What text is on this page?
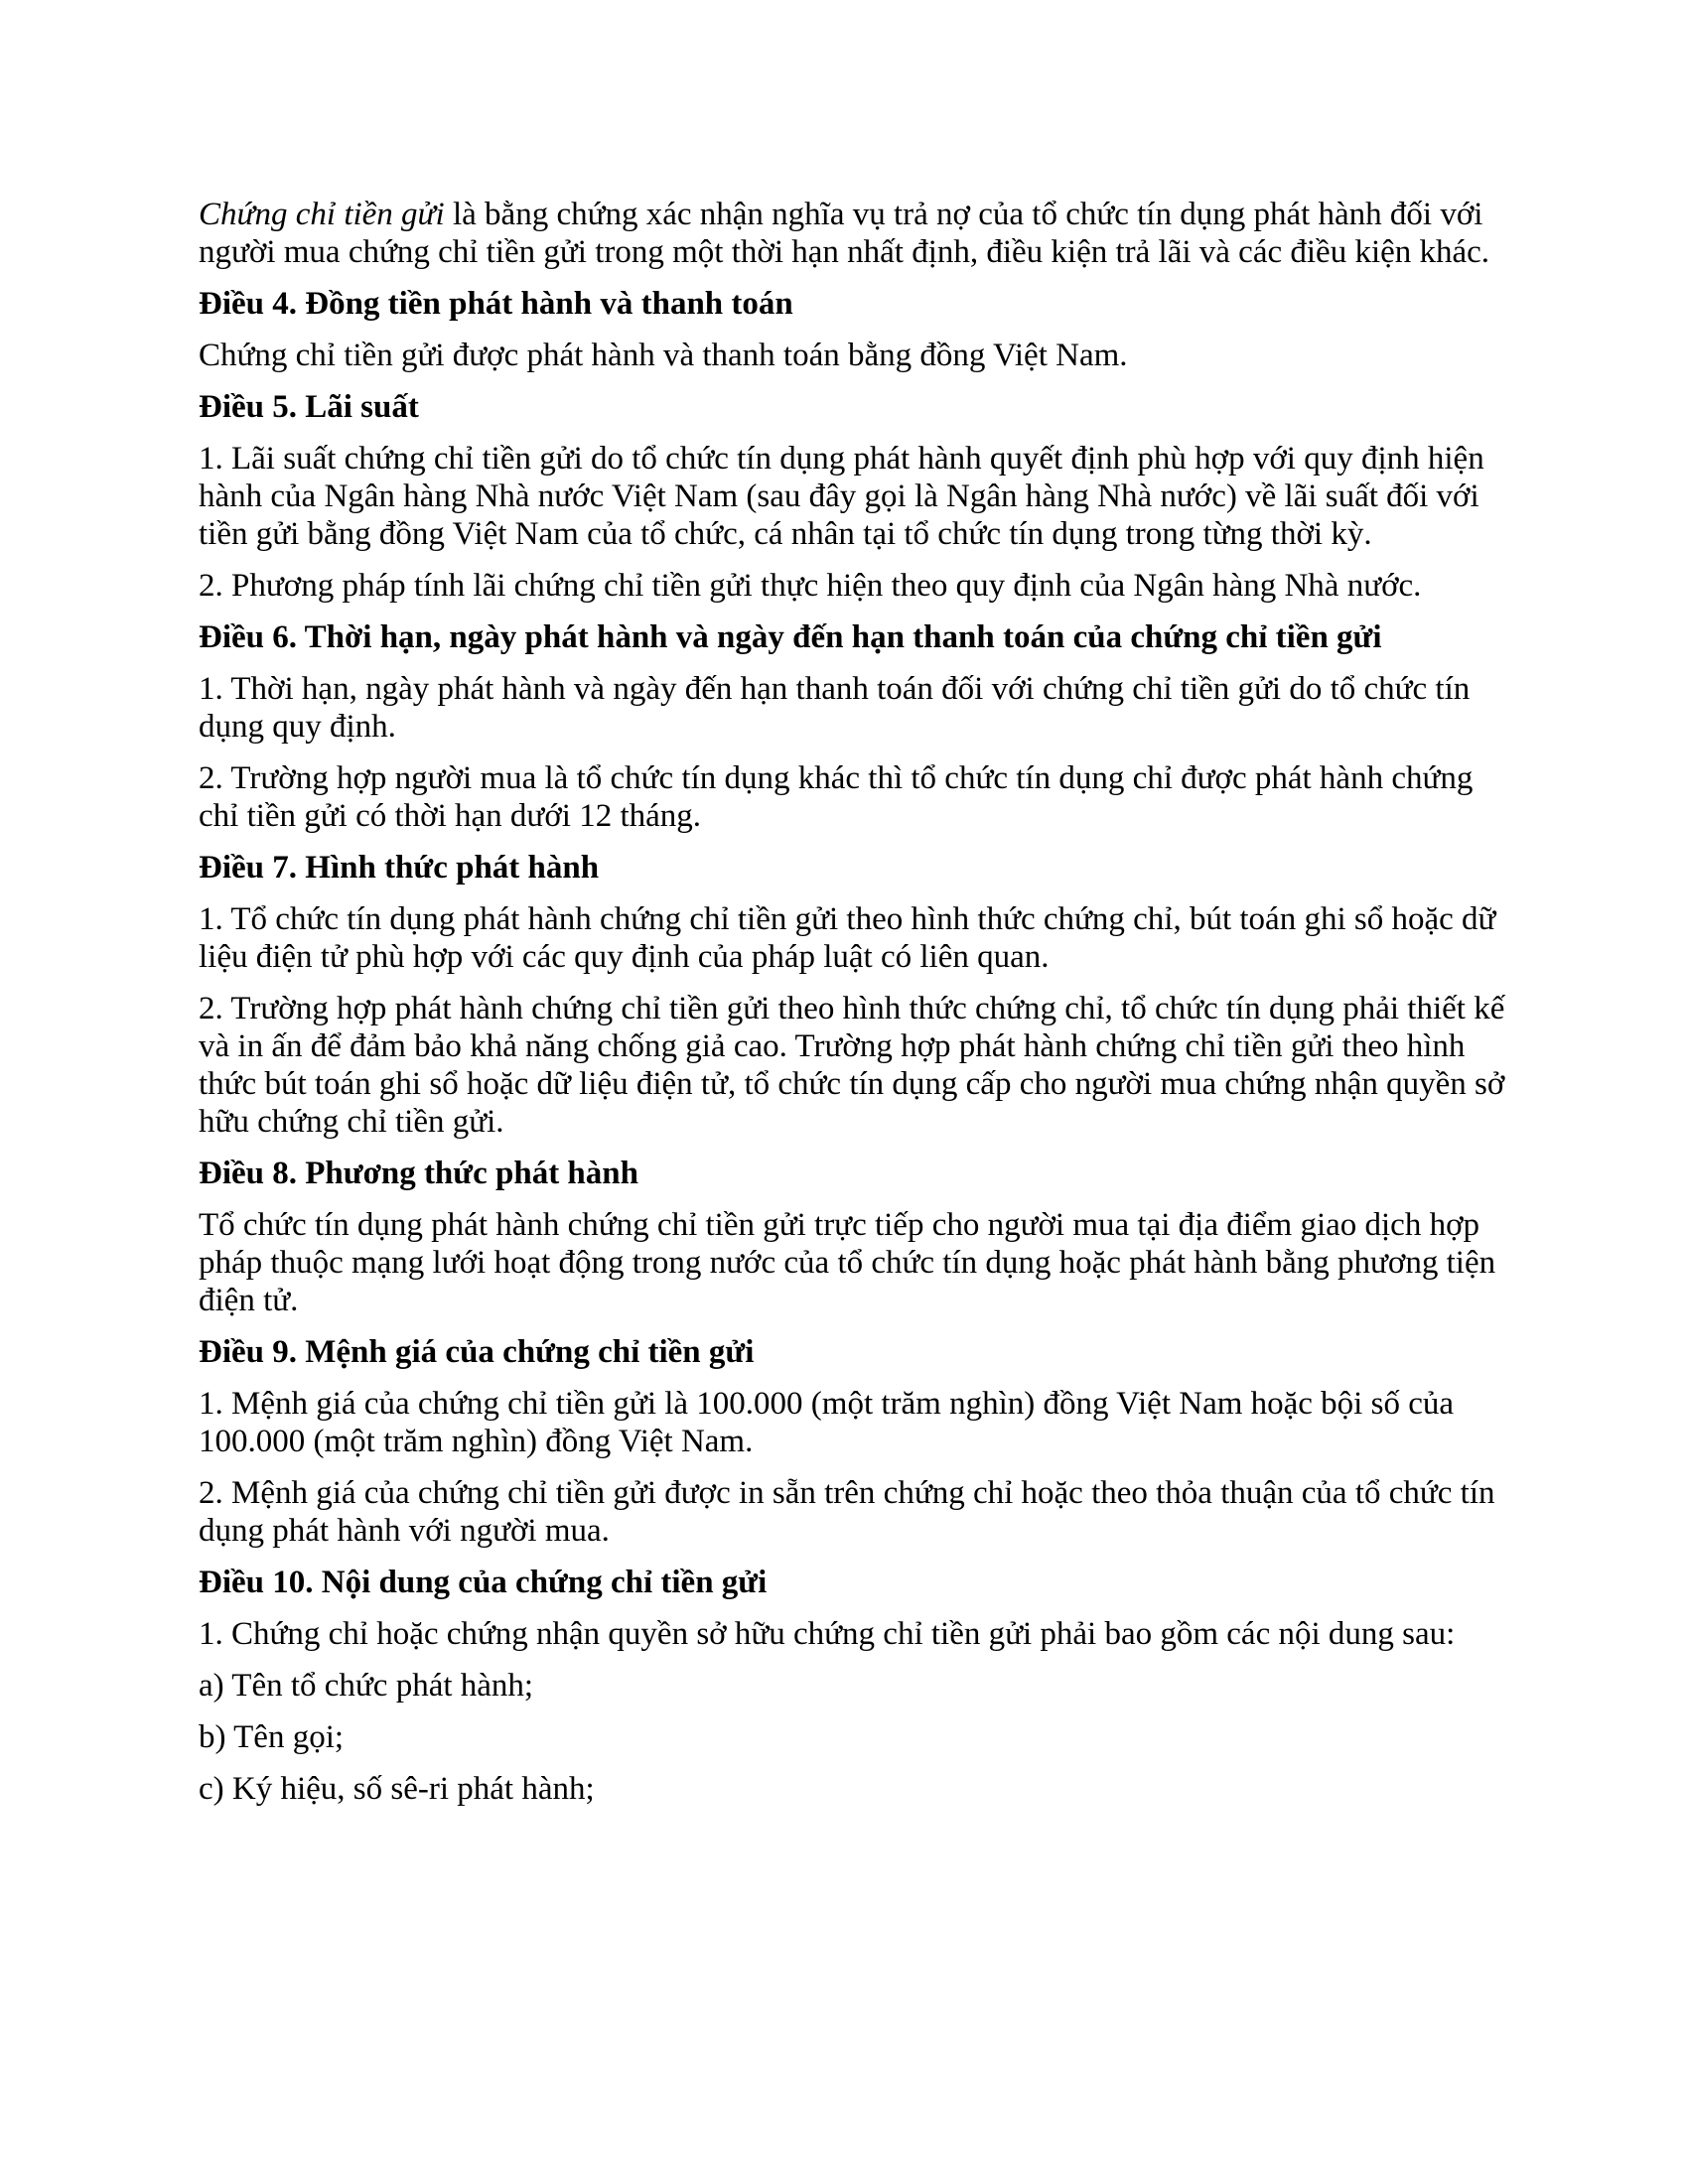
Chứng chỉ tiền gửi là bằng chứng xác nhận nghĩa vụ trả nợ của tổ chức tín dụng phát hành đối với người mua chứng chỉ tiền gửi trong một thời hạn nhất định, điều kiện trả lãi và các điều kiện khác.

Điều 4. Đồng tiền phát hành và thanh toán

Chứng chỉ tiền gửi được phát hành và thanh toán bằng đồng Việt Nam.

Điều 5. Lãi suất

1. Lãi suất chứng chỉ tiền gửi do tổ chức tín dụng phát hành quyết định phù hợp với quy định hiện hành của Ngân hàng Nhà nước Việt Nam (sau đây gọi là Ngân hàng Nhà nước) về lãi suất đối với tiền gửi bằng đồng Việt Nam của tổ chức, cá nhân tại tổ chức tín dụng trong từng thời kỳ.

2. Phương pháp tính lãi chứng chỉ tiền gửi thực hiện theo quy định của Ngân hàng Nhà nước.

Điều 6. Thời hạn, ngày phát hành và ngày đến hạn thanh toán của chứng chỉ tiền gửi

1. Thời hạn, ngày phát hành và ngày đến hạn thanh toán đối với chứng chỉ tiền gửi do tổ chức tín dụng quy định.

2. Trường hợp người mua là tổ chức tín dụng khác thì tổ chức tín dụng chỉ được phát hành chứng chỉ tiền gửi có thời hạn dưới 12 tháng.

Điều 7. Hình thức phát hành

1. Tổ chức tín dụng phát hành chứng chỉ tiền gửi theo hình thức chứng chỉ, bút toán ghi sổ hoặc dữ liệu điện tử phù hợp với các quy định của pháp luật có liên quan.

2. Trường hợp phát hành chứng chỉ tiền gửi theo hình thức chứng chỉ, tổ chức tín dụng phải thiết kế và in ấn để đảm bảo khả năng chống giả cao. Trường hợp phát hành chứng chỉ tiền gửi theo hình thức bút toán ghi sổ hoặc dữ liệu điện tử, tổ chức tín dụng cấp cho người mua chứng nhận quyền sở hữu chứng chỉ tiền gửi.

Điều 8. Phương thức phát hành

Tổ chức tín dụng phát hành chứng chỉ tiền gửi trực tiếp cho người mua tại địa điểm giao dịch hợp pháp thuộc mạng lưới hoạt động trong nước của tổ chức tín dụng hoặc phát hành bằng phương tiện điện tử.

Điều 9. Mệnh giá của chứng chỉ tiền gửi

1. Mệnh giá của chứng chỉ tiền gửi là 100.000 (một trăm nghìn) đồng Việt Nam hoặc bội số của 100.000 (một trăm nghìn) đồng Việt Nam.

2. Mệnh giá của chứng chỉ tiền gửi được in sẵn trên chứng chỉ hoặc theo thỏa thuận của tổ chức tín dụng phát hành với người mua.

Điều 10. Nội dung của chứng chỉ tiền gửi

1. Chứng chỉ hoặc chứng nhận quyền sở hữu chứng chỉ tiền gửi phải bao gồm các nội dung sau:

a) Tên tổ chức phát hành;

b) Tên gọi;

c) Ký hiệu, số sê-ri phát hành;
